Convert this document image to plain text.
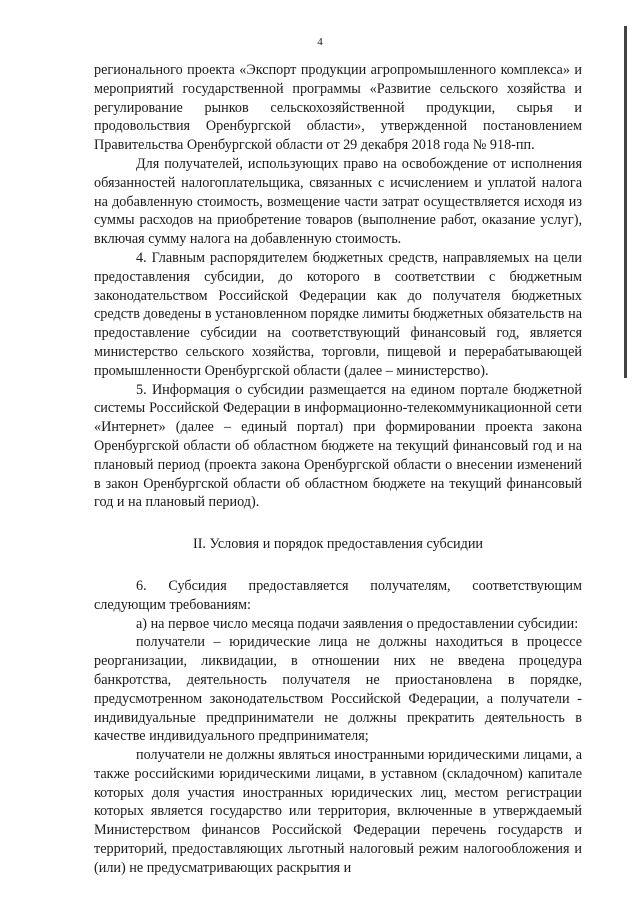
4

регионального проекта «Экспорт продукции агропромышленного комплекса» и мероприятий государственной программы «Развитие сельского хозяйства и регулирование рынков сельскохозяйственной продукции, сырья и продовольствия Оренбургской области», утвержденной постановлением Правительства Оренбургской области от 29 декабря 2018 года № 918-пп.

Для получателей, использующих право на освобождение от исполнения обязанностей налогоплательщика, связанных с исчислением и уплатой налога на добавленную стоимость, возмещение части затрат осуществляется исходя из суммы расходов на приобретение товаров (выполнение работ, оказание услуг), включая сумму налога на добавленную стоимость.

4. Главным распорядителем бюджетных средств, направляемых на цели предоставления субсидии, до которого в соответствии с бюджетным законодательством Российской Федерации как до получателя бюджетных средств доведены в установленном порядке лимиты бюджетных обязательств на предоставление субсидии на соответствующий финансовый год, является министерство сельского хозяйства, торговли, пищевой и перерабатывающей промышленности Оренбургской области (далее – министерство).

5. Информация о субсидии размещается на едином портале бюджетной системы Российской Федерации в информационно-телекоммуникационной сети «Интернет» (далее – единый портал) при формировании проекта закона Оренбургской области об областном бюджете на текущий финансовый год и на плановый период (проекта закона Оренбургской области о внесении изменений в закон Оренбургской области об областном бюджете на текущий финансовый год и на плановый период).

II. Условия и порядок предоставления субсидии

6. Субсидия предоставляется получателям, соответствующим следующим требованиям:

а) на первое число месяца подачи заявления о предоставлении субсидии:

получатели – юридические лица не должны находиться в процессе реорганизации, ликвидации, в отношении них не введена процедура банкротства, деятельность получателя не приостановлена в порядке, предусмотренном законодательством Российской Федерации, а получатели - индивидуальные предприниматели не должны прекратить деятельность в качестве индивидуального предпринимателя;

получатели не должны являться иностранными юридическими лицами, а также российскими юридическими лицами, в уставном (складочном) капитале которых доля участия иностранных юридических лиц, местом регистрации которых является государство или территория, включенные в утверждаемый Министерством финансов Российской Федерации перечень государств и территорий, предоставляющих льготный налоговый режим налогообложения и (или) не предусматривающих раскрытия и
